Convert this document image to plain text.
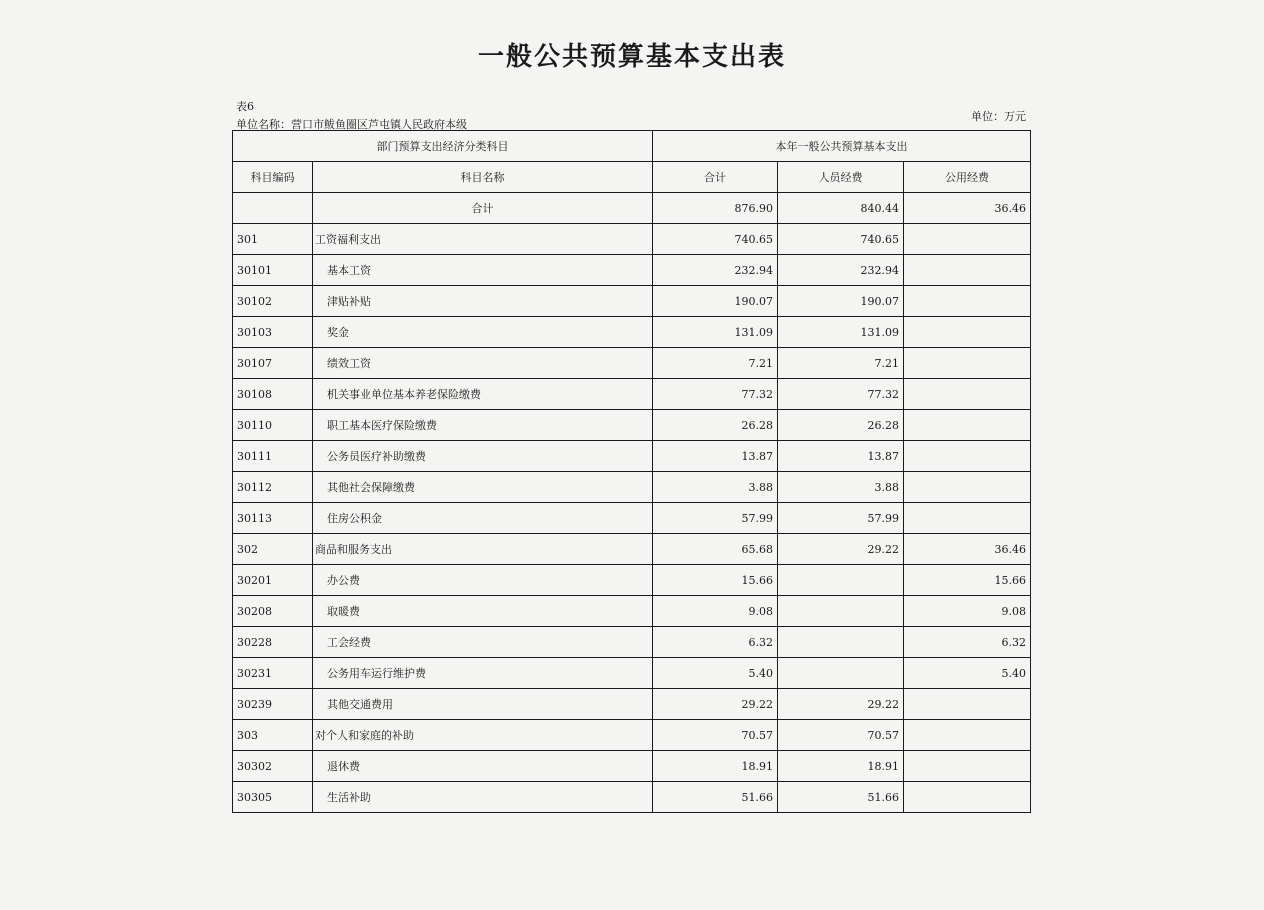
一般公共预算基本支出表
表6
单位名称：营口市鲅鱼圈区芦屯镇人民政府本级
单位：万元
部门预算支出经济分类科目		本年一般公共预算基本支出		
科目编码	科目名称	合计	人员经费	公用经费
	合计	876.90	840.44	36.46
301	工资福利支出	740.65	740.65	
30101	基本工资	232.94	232.94	
30102	津贴补贴	190.07	190.07	
30103	奖金	131.09	131.09	
30107	绩效工资	7.21	7.21	
30108	机关事业单位基本养老保险缴费	77.32	77.32	
30110	职工基本医疗保险缴费	26.28	26.28	
30111	公务员医疗补助缴费	13.87	13.87	
30112	其他社会保障缴费	3.88	3.88	
30113	住房公积金	57.99	57.99	
302	商品和服务支出	65.68	29.22	36.46
30201	办公费	15.66		15.66
30208	取暖费	9.08		9.08
30228	工会经费	6.32		6.32
30231	公务用车运行维护费	5.40		5.40
30239	其他交通费用	29.22	29.22	
303	对个人和家庭的补助	70.57	70.57	
30302	退休费	18.91	18.91	
30305	生活补助	51.66	51.66	
